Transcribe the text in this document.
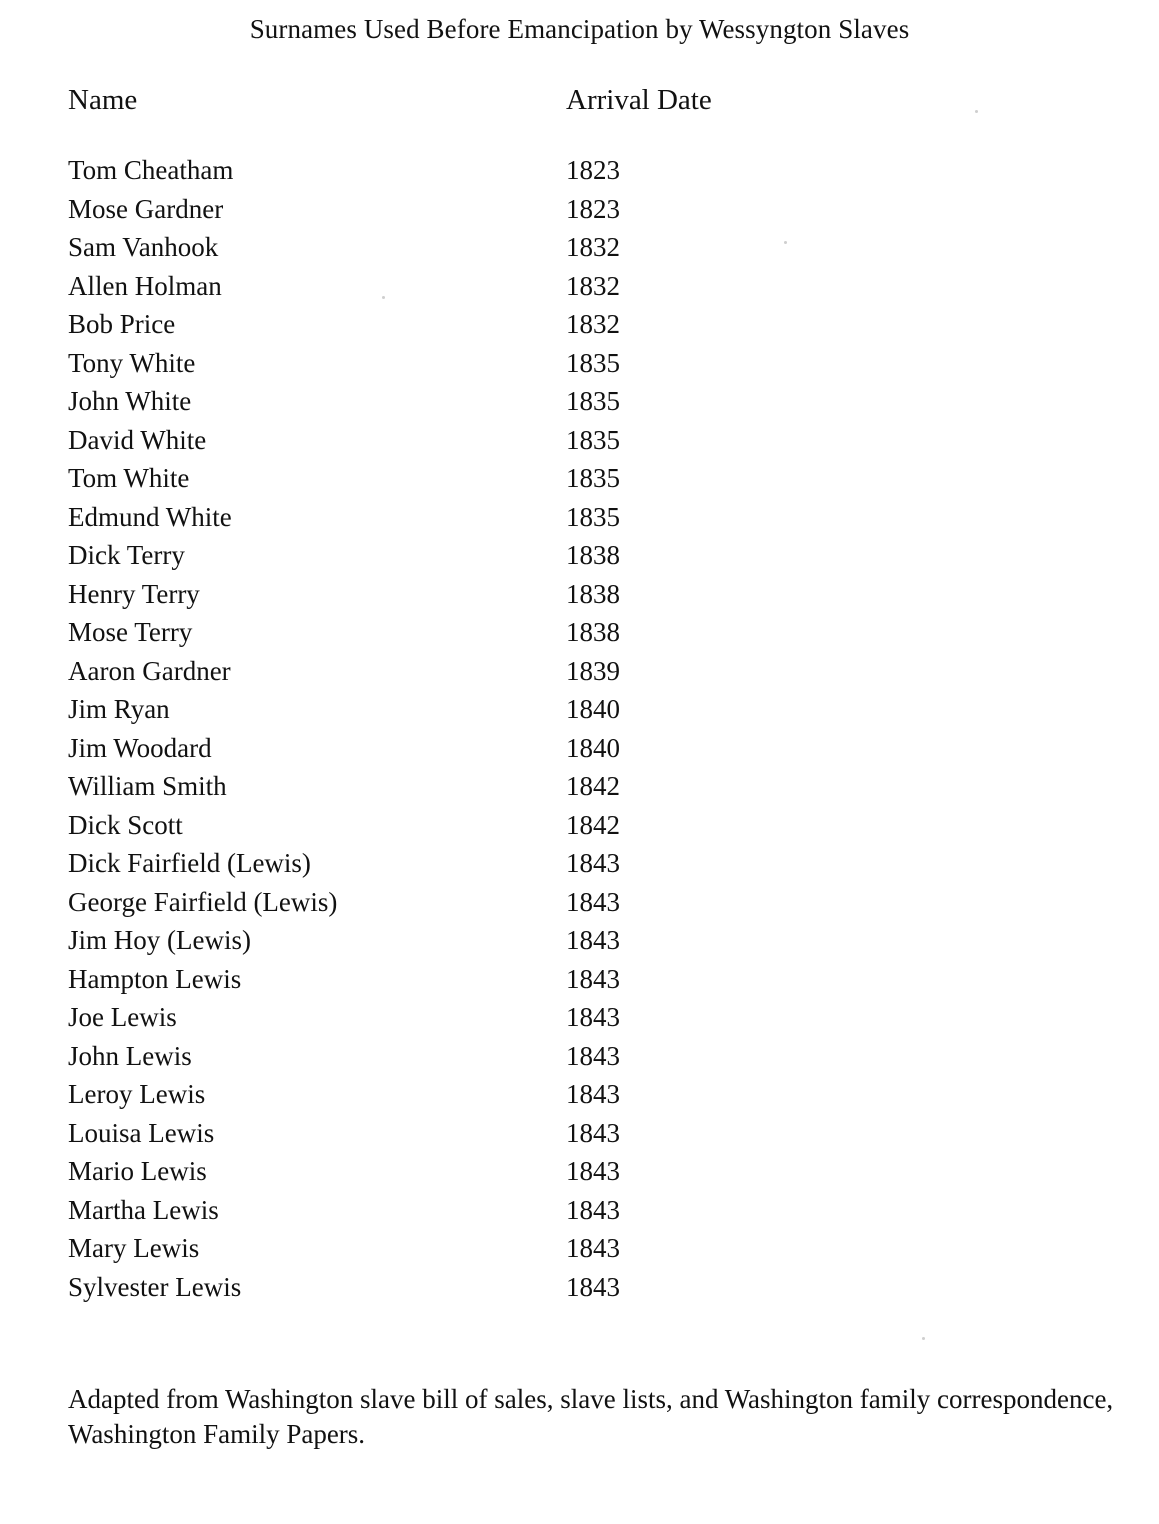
Surnames Used Before Emancipation by Wessyngton Slaves
Name	Arrival Date
Tom Cheatham	1823
Mose Gardner	1823
Sam Vanhook	1832
Allen Holman	1832
Bob Price	1832
Tony White	1835
John White	1835
David White	1835
Tom White	1835
Edmund White	1835
Dick Terry	1838
Henry Terry	1838
Mose Terry	1838
Aaron Gardner	1839
Jim Ryan	1840
Jim Woodard	1840
William Smith	1842
Dick Scott	1842
Dick Fairfield (Lewis)	1843
George Fairfield (Lewis)	1843
Jim Hoy (Lewis)	1843
Hampton Lewis	1843
Joe Lewis	1843
John Lewis	1843
Leroy Lewis	1843
Louisa Lewis	1843
Mario Lewis	1843
Martha Lewis	1843
Mary Lewis	1843
Sylvester Lewis	1843
Adapted from Washington slave bill of sales, slave lists, and Washington family correspondence, Washington Family Papers.
